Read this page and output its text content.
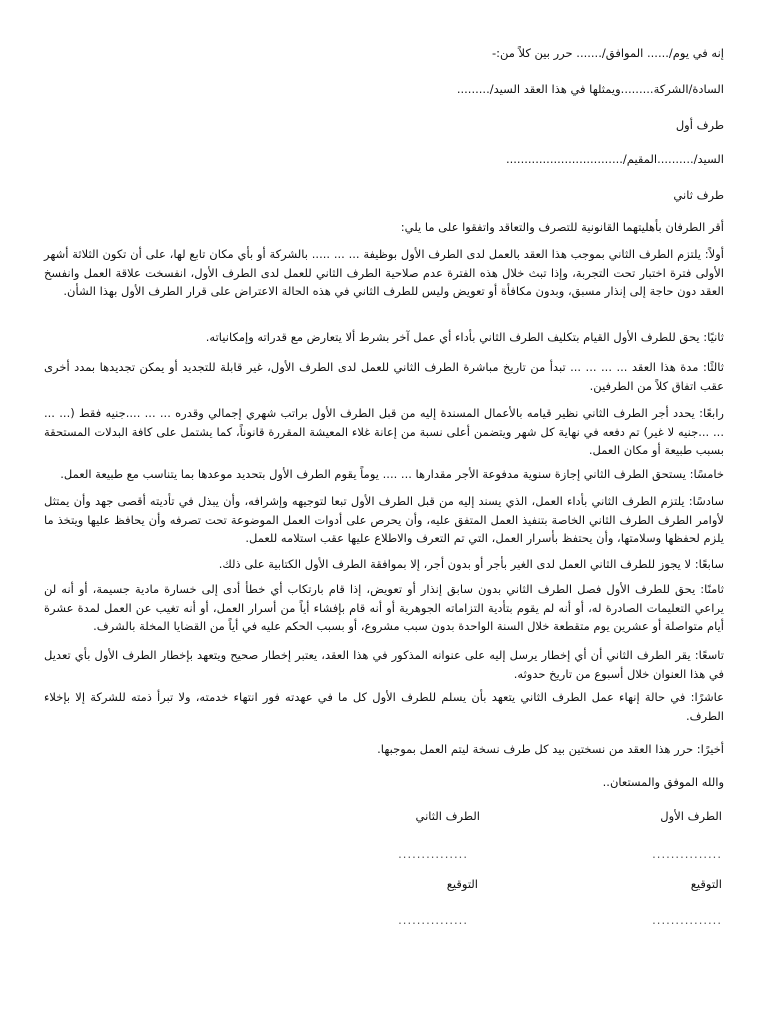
إنه في يوم/...... الموافق/....... حرر بين كلاً من:-

السادة/الشركة.........ويمثلها في هذا العقد السيد/.........

طرف أول

السيد/..........المقيم/................................

طرف ثاني

أقر الطرفان بأهليتهما القانونية للتصرف والتعاقد واتفقوا على ما يلي:

أولاً: يلتزم الطرف الثاني بموجب هذا العقد بالعمل لدى الطرف الأول بوظيفة ... ... ..... بالشركة أو بأي مكان تابع لها، على أن تكون الثلاثة أشهر الأولى فترة اختبار تحت التجربة، وإذا تبث خلال هذه الفترة عدم صلاحية الطرف الثاني للعمل لدى الطرف الأول، انفسخت علاقة العمل وانفسخ العقد دون حاجة إلى إنذار مسبق، وبدون مكافأة أو تعويض وليس للطرف الثاني في هذه الحالة الاعتراض على قرار الطرف الأول بهذا الشأن.

ثانيًا: يحق للطرف الأول القيام بتكليف الطرف الثاني بأداء أي عمل آخر بشرط ألا يتعارض مع قدراته وإمكانياته.

ثالثًا: مدة هذا العقد ... ... ... ... تبدأ من تاريخ مباشرة الطرف الثاني للعمل لدى الطرف الأول، غير قابلة للتجديد أو يمكن تجديدها بمدد أخرى عقب اتفاق كلاً من الطرفين.

رابعًا: يحدد أجر الطرف الثاني نظير قيامه بالأعمال المسندة إليه من قبل الطرف الأول براتب شهري إجمالي وقدره ... ... ....جنيه فقط (... ... ... ...جنيه لا غير) تم دفعه في نهاية كل شهر ويتضمن أعلى نسبة من إعانة غلاء المعيشة المقررة قانوناً، كما يشتمل على كافة البدلات المستحقة بسبب طبيعة أو مكان العمل.

خامسًا: يستحق الطرف الثاني إجازة سنوية مدفوعة الأجر مقدارها ... .... يوماً يقوم الطرف الأول بتحديد موعدها بما يتناسب مع طبيعة العمل.

سادسًا: يلتزم الطرف الثاني بأداء العمل، الذي يسند إليه من قبل الطرف الأول تبعا لتوجيهه وإشرافه، وأن يبذل في تأديته أقصى جهد وأن يمتثل لأوامر الطرف الطرف الثاني الخاصة بتنفيذ العمل المتفق عليه، وأن يحرص على أدوات العمل الموضوعة تحت تصرفه وأن يحافظ عليها ويتخذ ما يلزم لحفظها وسلامتها، وأن يحتفظ بأسرار العمل، التي تم التعرف والاطلاع عليها عقب استلامه للعمل.

سابعًا: لا يجوز للطرف الثاني العمل لدى الغير بأجر أو بدون أجر، إلا بموافقة الطرف الأول الكتابية على ذلك.

ثامنًا: يحق للطرف الأول فصل الطرف الثاني بدون سابق إنذار أو تعويض، إذا قام بارتكاب أي خطأ أدى إلى خسارة مادية جسيمة، أو أنه لن يراعي التعليمات الصادرة له، أو أنه لم يقوم بتأدية التزاماته الجوهرية أو أنه قام بإفشاء أياً من أسرار العمل، أو أنه تغيب عن العمل لمدة عشرة أيام متواصلة أو عشرين يوم متقطعة خلال السنة الواحدة بدون سبب مشروع، أو بسبب الحكم عليه في أياً من القضايا المخلة بالشرف.

تاسعًا: يقر الطرف الثاني أن أي إخطار يرسل إليه على عنوانه المذكور في هذا العقد، يعتبر إخطار صحيح ويتعهد بإخطار الطرف الأول بأي تعديل في هذا العنوان خلال أسبوع من تاريخ حدوثه.

عاشرًا: في حالة إنهاء عمل الطرف الثاني يتعهد بأن يسلم للطرف الأول كل ما في عهدته فور انتهاء خدمته، ولا تبرأ ذمته للشركة إلا بإخلاء الطرف.

أخيرًا: حرر هذا العقد من نسختين بيد كل طرف نسخة ليتم العمل بموجبها.

والله الموفق والمستعان..

الطرف الأول
الطرف الثاني
...............
...............
التوقيع
التوقيع
...............
...............
